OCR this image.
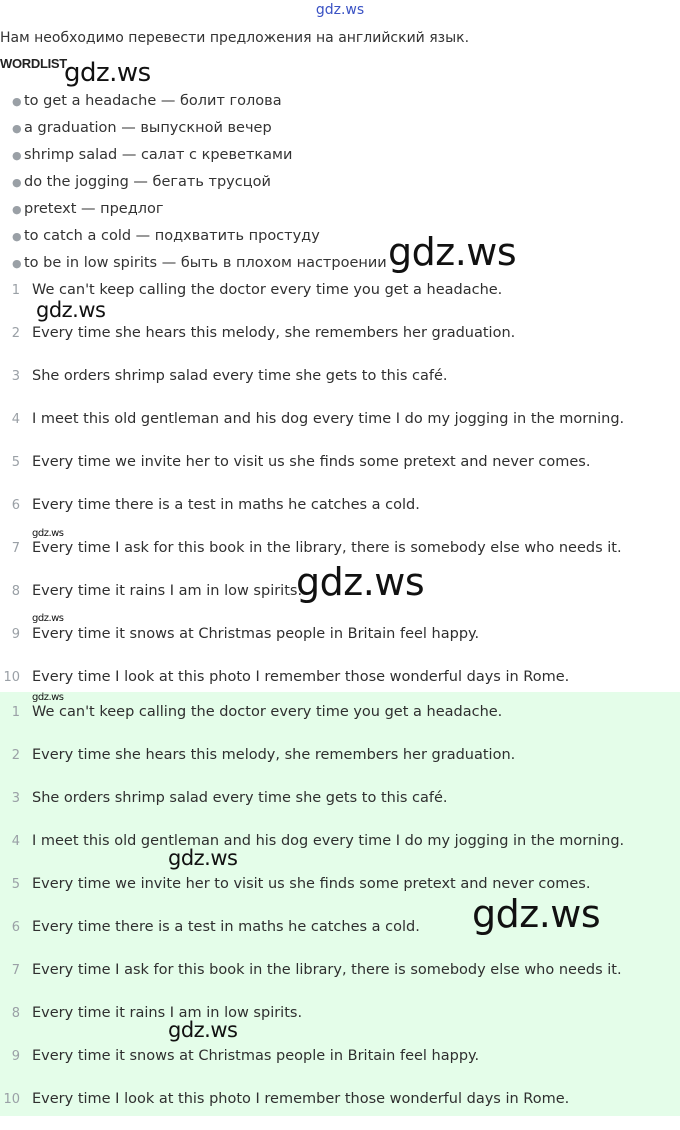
gdz.ws
Нам необходимо перевести предложения на английский язык.
WORDLIST
● to get a headache — болит голова
● a graduation — выпускной вечер
● shrimp salad — салат с креветками
● do the jogging — бегать трусцой
● pretext — предлог
● to catch a cold — подхватить простуду
● to be in low spirits — быть в плохом настроении
1 We can't keep calling the doctor every time you get a headache.
2 Every time she hears this melody, she remembers her graduation.
3 She orders shrimp salad every time she gets to this café.
4 I meet this old gentleman and his dog every time I do my jogging in the morning.
5 Every time we invite her to visit us she finds some pretext and never comes.
6 Every time there is a test in maths he catches a cold.
7 Every time I ask for this book in the library, there is somebody else who needs it.
8 Every time it rains I am in low spirits.
9 Every time it snows at Christmas people in Britain feel happy.
10 Every time I look at this photo I remember those wonderful days in Rome.
1 We can't keep calling the doctor every time you get a headache.
2 Every time she hears this melody, she remembers her graduation.
3 She orders shrimp salad every time she gets to this café.
4 I meet this old gentleman and his dog every time I do my jogging in the morning.
5 Every time we invite her to visit us she finds some pretext and never comes.
6 Every time there is a test in maths he catches a cold.
7 Every time I ask for this book in the library, there is somebody else who needs it.
8 Every time it rains I am in low spirits.
9 Every time it snows at Christmas people in Britain feel happy.
10 Every time I look at this photo I remember those wonderful days in Rome.
gdz.ws
gdz.ws
gdz.ws
gdz.ws
gdz.ws
gdz.ws
gdz.ws
gdz.ws
gdz.ws
gdz.ws
